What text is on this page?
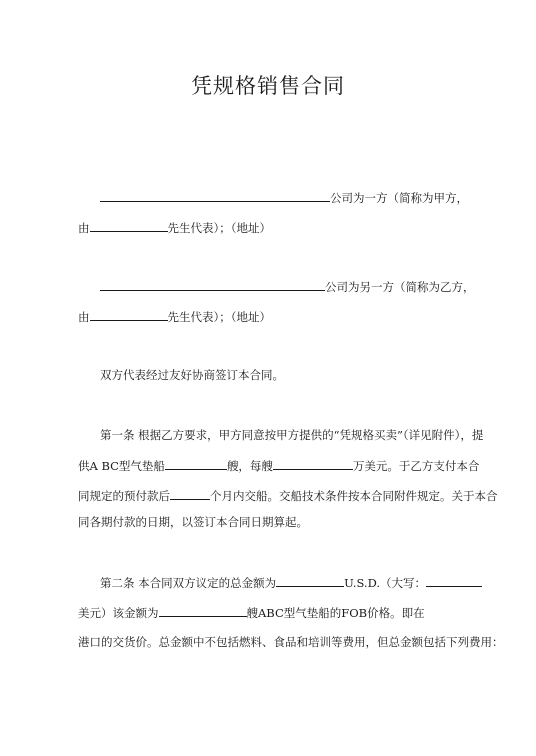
凭规格销售合同
公司为一方（简称为甲方，
由	先生代表）；（地址）
公司为另一方（简称为乙方，
由	先生代表）；（地址）
双方代表经过友好协商签订本合同。
第一条 根据乙方要求，甲方同意按甲方提供的“凭规格买卖”（详见附件），提
供A BC型气垫船	艘，每艘	万美元。于乙方支付本合
同规定的预付款后	个月内交船。交船技术条件按本合同附件规定。关于本合
同各期付款的日期，以签订本合同日期算起。
第二条 本合同双方议定的总金额为	U.S.D.（大写：
美元）该金额为	艘ABC型气垫船的FOB价格。即在
港口的交货价。总金额中不包括燃料、食品和培训等费用，但总金额包括下列费用：
